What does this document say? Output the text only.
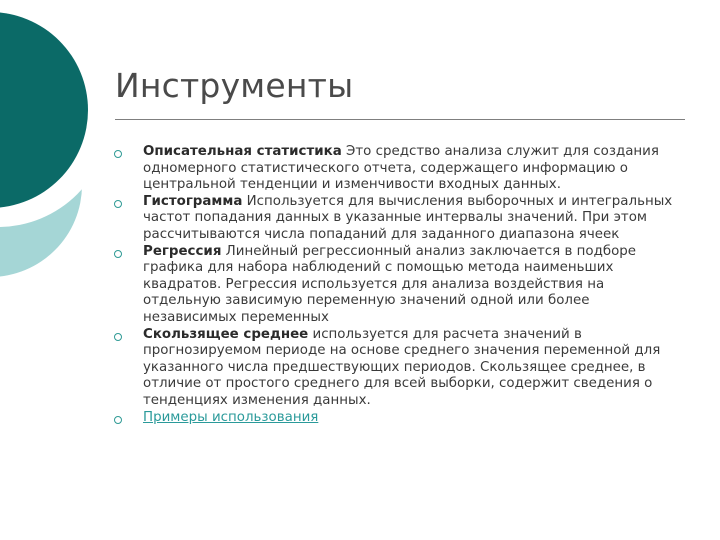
Инструменты
Описательная статистика Это средство анализа служит для создания одномерного статистического отчета, содержащего информацию о центральной тенденции и изменчивости входных данных.
Гистограмма Используется для вычисления выборочных и интегральных частот попадания данных в указанные интервалы значений. При этом рассчитываются числа попаданий для заданного диапазона ячеек
Регрессия Линейный регрессионный анализ заключается в подборе графика для набора наблюдений с помощью метода наименьших квадратов. Регрессия используется для анализа воздействия на отдельную зависимую переменную значений одной или более независимых переменных
Скользящее среднее используется для расчета значений в прогнозируемом периоде на основе среднего значения переменной для указанного числа предшествующих периодов. Скользящее среднее, в отличие от простого среднего для всей выборки, содержит сведения о тенденциях изменения данных.
Примеры использования
